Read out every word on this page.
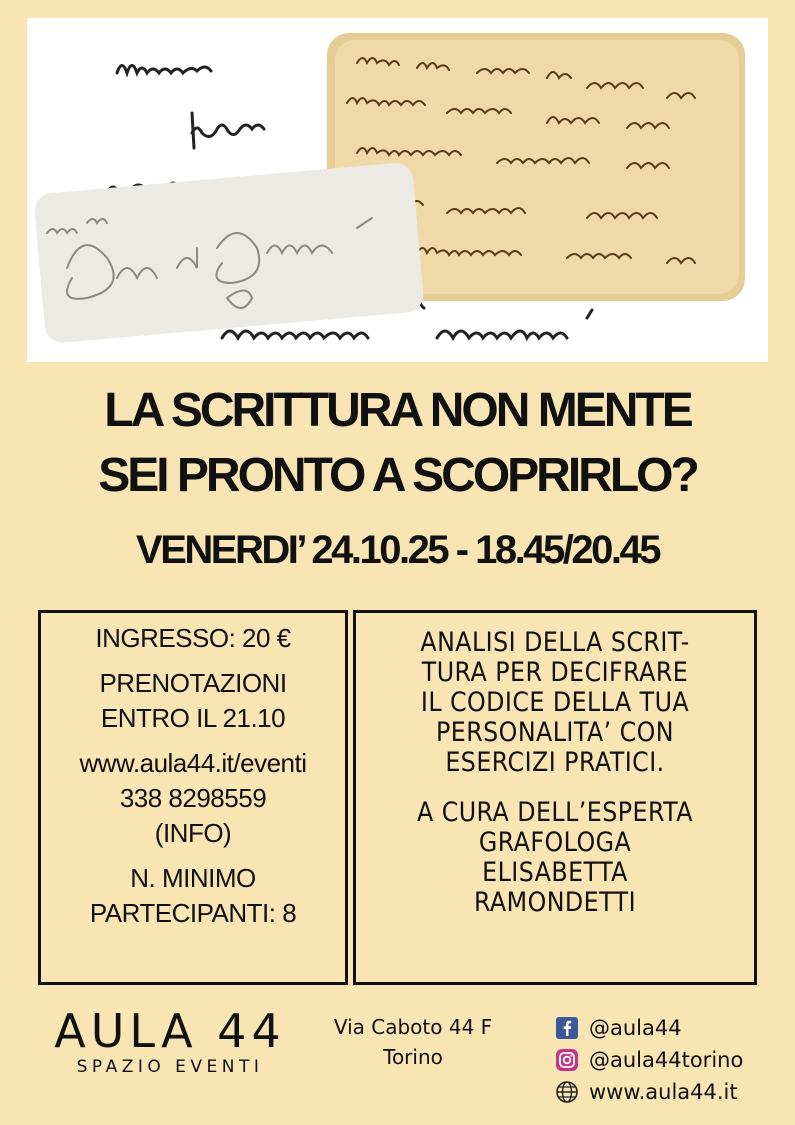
LA SCRITTURA NON MENTE
SEI PRONTO A SCOPRIRLO?
VENERDI’ 24.10.25 - 18.45/20.45

INGRESSO: 20 €

PRENOTAZIONI

ENTRO IL 21.10

www.aula44.it/eventi

338 8298559

(INFO)

N. MINIMO

PARTECIPANTI: 8

ANALISI DELLA SCRIT-
TURA PER DECIFRARE
IL CODICE DELLA TUA
PERSONALITA’ CON
ESERCIZI PRATICI.
A CURA DELL’ESPERTA
GRAFOLOGA
ELISABETTA
RAMONDETTI
AULA 44
SPAZIO EVENTI
Via Caboto 44 F
Torino
@aula44
@aula44torino
www.aula44.it
